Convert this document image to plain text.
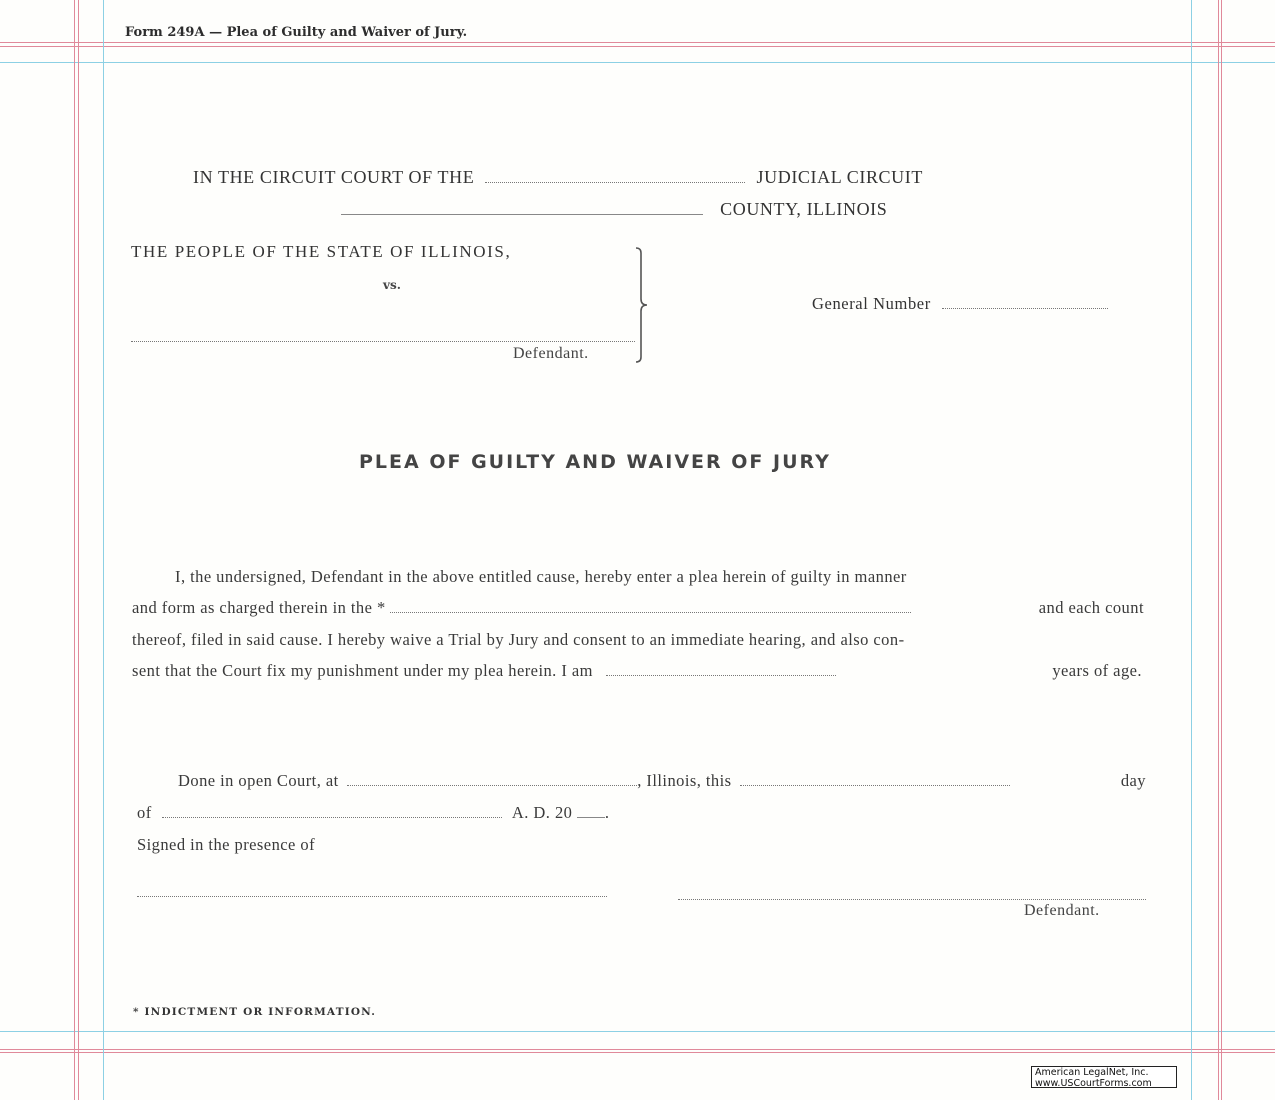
Form 249A — Plea of Guilty and Waiver of Jury.
IN THE CIRCUIT COURT OF THE	JUDICIAL CIRCUIT
COUNTY, ILLINOIS
THE PEOPLE OF THE STATE OF ILLINOIS,
vs.
Defendant.
General Number
PLEA OF GUILTY AND WAIVER OF JURY
I, the undersigned, Defendant in the above entitled cause, hereby enter a plea herein of guilty in manner
and form as charged therein in the *	and each count
thereof, filed in said cause. I hereby waive a Trial by Jury and consent to an immediate hearing, and also con-
sent that the Court fix my punishment under my plea herein. I am	years of age.
Done in open Court, at	, Illinois, this	day
of	A. D. 20 .
Signed in the presence of
Defendant.
* INDICTMENT OR INFORMATION.
American LegalNet, Inc.
www.USCourtForms.com
